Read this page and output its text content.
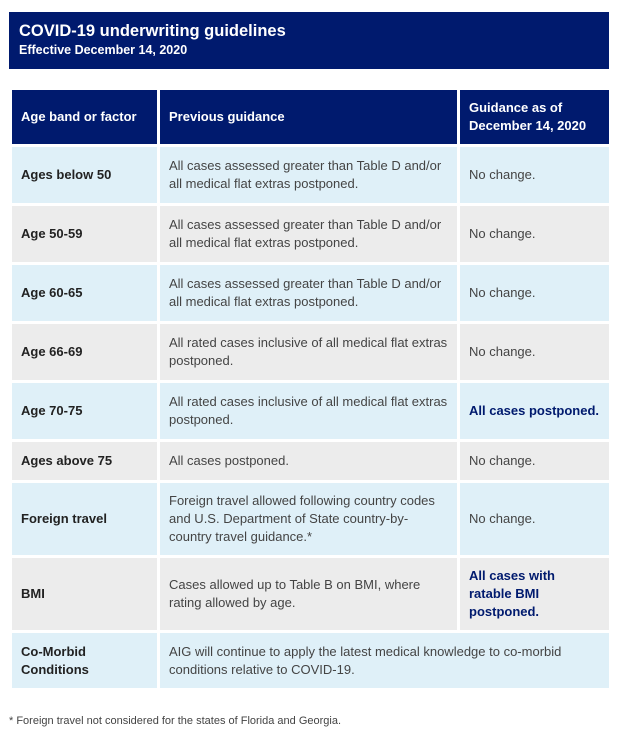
COVID-19 underwriting guidelines
Effective December 14, 2020
Age band or factor	Previous guidance	Guidance as of December 14, 2020
Ages below 50	All cases assessed greater than Table D and/or all medical flat extras postponed.	No change.
Age 50-59	All cases assessed greater than Table D and/or all medical flat extras postponed.	No change.
Age 60-65	All cases assessed greater than Table D and/or all medical flat extras postponed.	No change.
Age 66-69	All rated cases inclusive of all medical flat extras postponed.	No change.
Age 70-75	All rated cases inclusive of all medical flat extras postponed.	All cases postponed.
Ages above 75	All cases postponed.	No change.
Foreign travel	Foreign travel allowed following country codes and U.S. Department of State country-by-country travel guidance.*	No change.
BMI	Cases allowed up to Table B on BMI, where rating allowed by age.	All cases with ratable BMI postponed.
Co-Morbid Conditions	AIG will continue to apply the latest medical knowledge to co-morbid conditions relative to COVID-19.	
* Foreign travel not considered for the states of Florida and Georgia.
